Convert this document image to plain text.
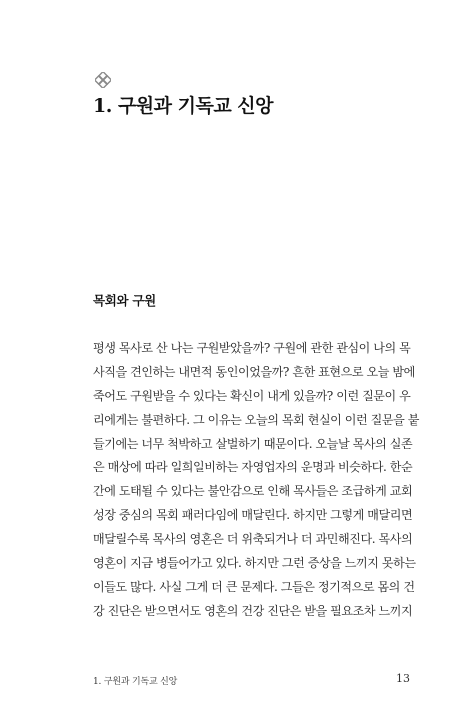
1. 구원과 기독교 신앙
목회와 구원
평생 목사로 산 나는 구원받았을까? 구원에 관한 관심이 나의 목
사직을 견인하는 내면적 동인이었을까? 흔한 표현으로 오늘 밤에
죽어도 구원받을 수 있다는 확신이 내게 있을까? 이런 질문이 우
리에게는 불편하다. 그 이유는 오늘의 목회 현실이 이런 질문을 붙
들기에는 너무 척박하고 살벌하기 때문이다. 오늘날 목사의 실존
은 매상에 따라 일희일비하는 자영업자의 운명과 비슷하다. 한순
간에 도태될 수 있다는 불안감으로 인해 목사들은 조급하게 교회
성장 중심의 목회 패러다임에 매달린다. 하지만 그렇게 매달리면
매달릴수록 목사의 영혼은 더 위축되거나 더 과민해진다. 목사의
영혼이 지금 병들어가고 있다. 하지만 그런 증상을 느끼지 못하는
이들도 많다. 사실 그게 더 큰 문제다. 그들은 정기적으로 몸의 건
강 진단은 받으면서도 영혼의 건강 진단은 받을 필요조차 느끼지
1. 구원과 기독교 신앙	13
